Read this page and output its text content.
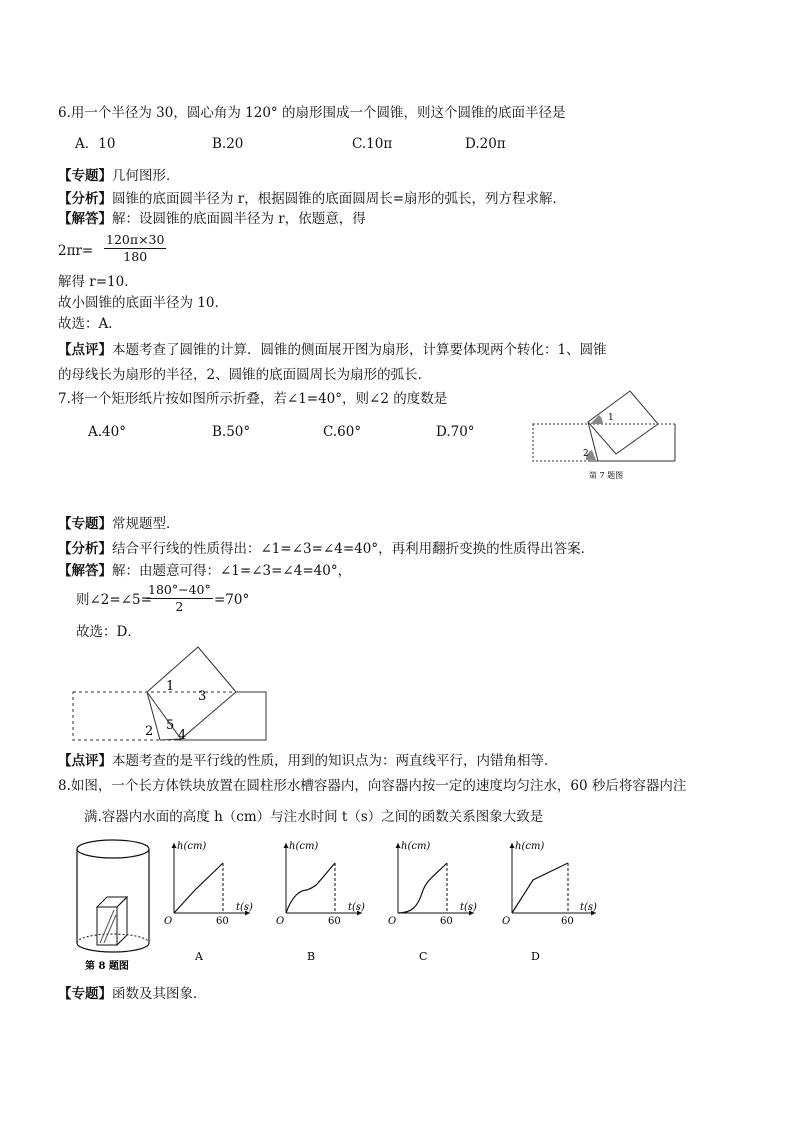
6.用一个半径为 30，圆心角为 120° 的扇形围成一个圆锥，则这个圆锥的底面半径是
A．10	B.20	C.10π	D.20π
【专题】几何图形．
【分析】圆锥的底面圆半径为 r，根据圆锥的底面圆周长=扇形的弧长，列方程求解．
【解答】解：设圆锥的底面圆半径为 r，依题意，得
$2\pi r= \frac{120\pi\times 30}{180}$
解得 r=10．
故小圆锥的底面半径为 10．
故选：A．
【点评】本题考查了圆锥的计算．圆锥的侧面展开图为扇形，计算要体现两个转化：1、圆锥
的母线长为扇形的半径，2、圆锥的底面圆周长为扇形的弧长．
7.将一个矩形纸片按如图所示折叠，若∠1=40°，则∠2 的度数是
A.40°	B.50°	C.60°	D.70°
1
2
第 7 题图
【专题】常规题型．
【分析】结合平行线的性质得出：∠1=∠3=∠4=40°，再利用翻折变换的性质得出答案．
【解答】解：由题意可得：∠1=∠3=∠4=40°，
则∠2=∠5=
$\frac{180^\circ-40^\circ}{2} =70^\circ$
故选：D．
1
3
2 5
4
【点评】本题考查的是平行线的性质，用到的知识点为：两直线平行，内错角相等．
8.如图，一个长方体铁块放置在圆柱形水槽容器内，向容器内按一定的速度均匀注水，60 秒后将容器内注
满.容器内水面的高度 h（cm）与注水时间 t（s）之间的函数关系图象大致是
第 8 题图
h(cm)
t(s)
O	60
A
h(cm)
t(s)
O	60
B
h(cm)
t(s)
O	60
C
h(cm)
t(s)
O	60
D
【专题】函数及其图象．
